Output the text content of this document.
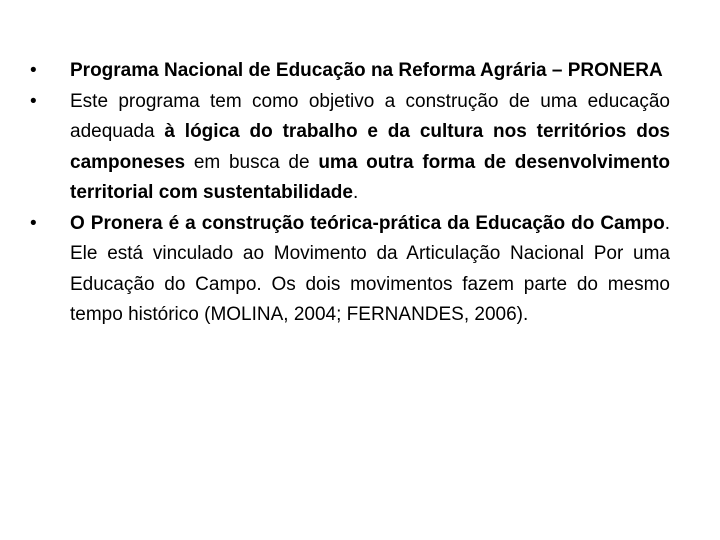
•	Programa Nacional de Educação na Reforma Agrária – PRONERA
•	Este programa tem como objetivo a construção de uma educação adequada à lógica do trabalho e da cultura nos territórios dos camponeses em busca de uma outra forma de desenvolvimento territorial com sustentabilidade.
•	O Pronera é a construção teórica-prática da Educação do Campo. Ele está vinculado ao Movimento da Articulação Nacional Por uma Educação do Campo. Os dois movimentos fazem parte do mesmo tempo histórico (MOLINA, 2004; FERNANDES, 2006).
